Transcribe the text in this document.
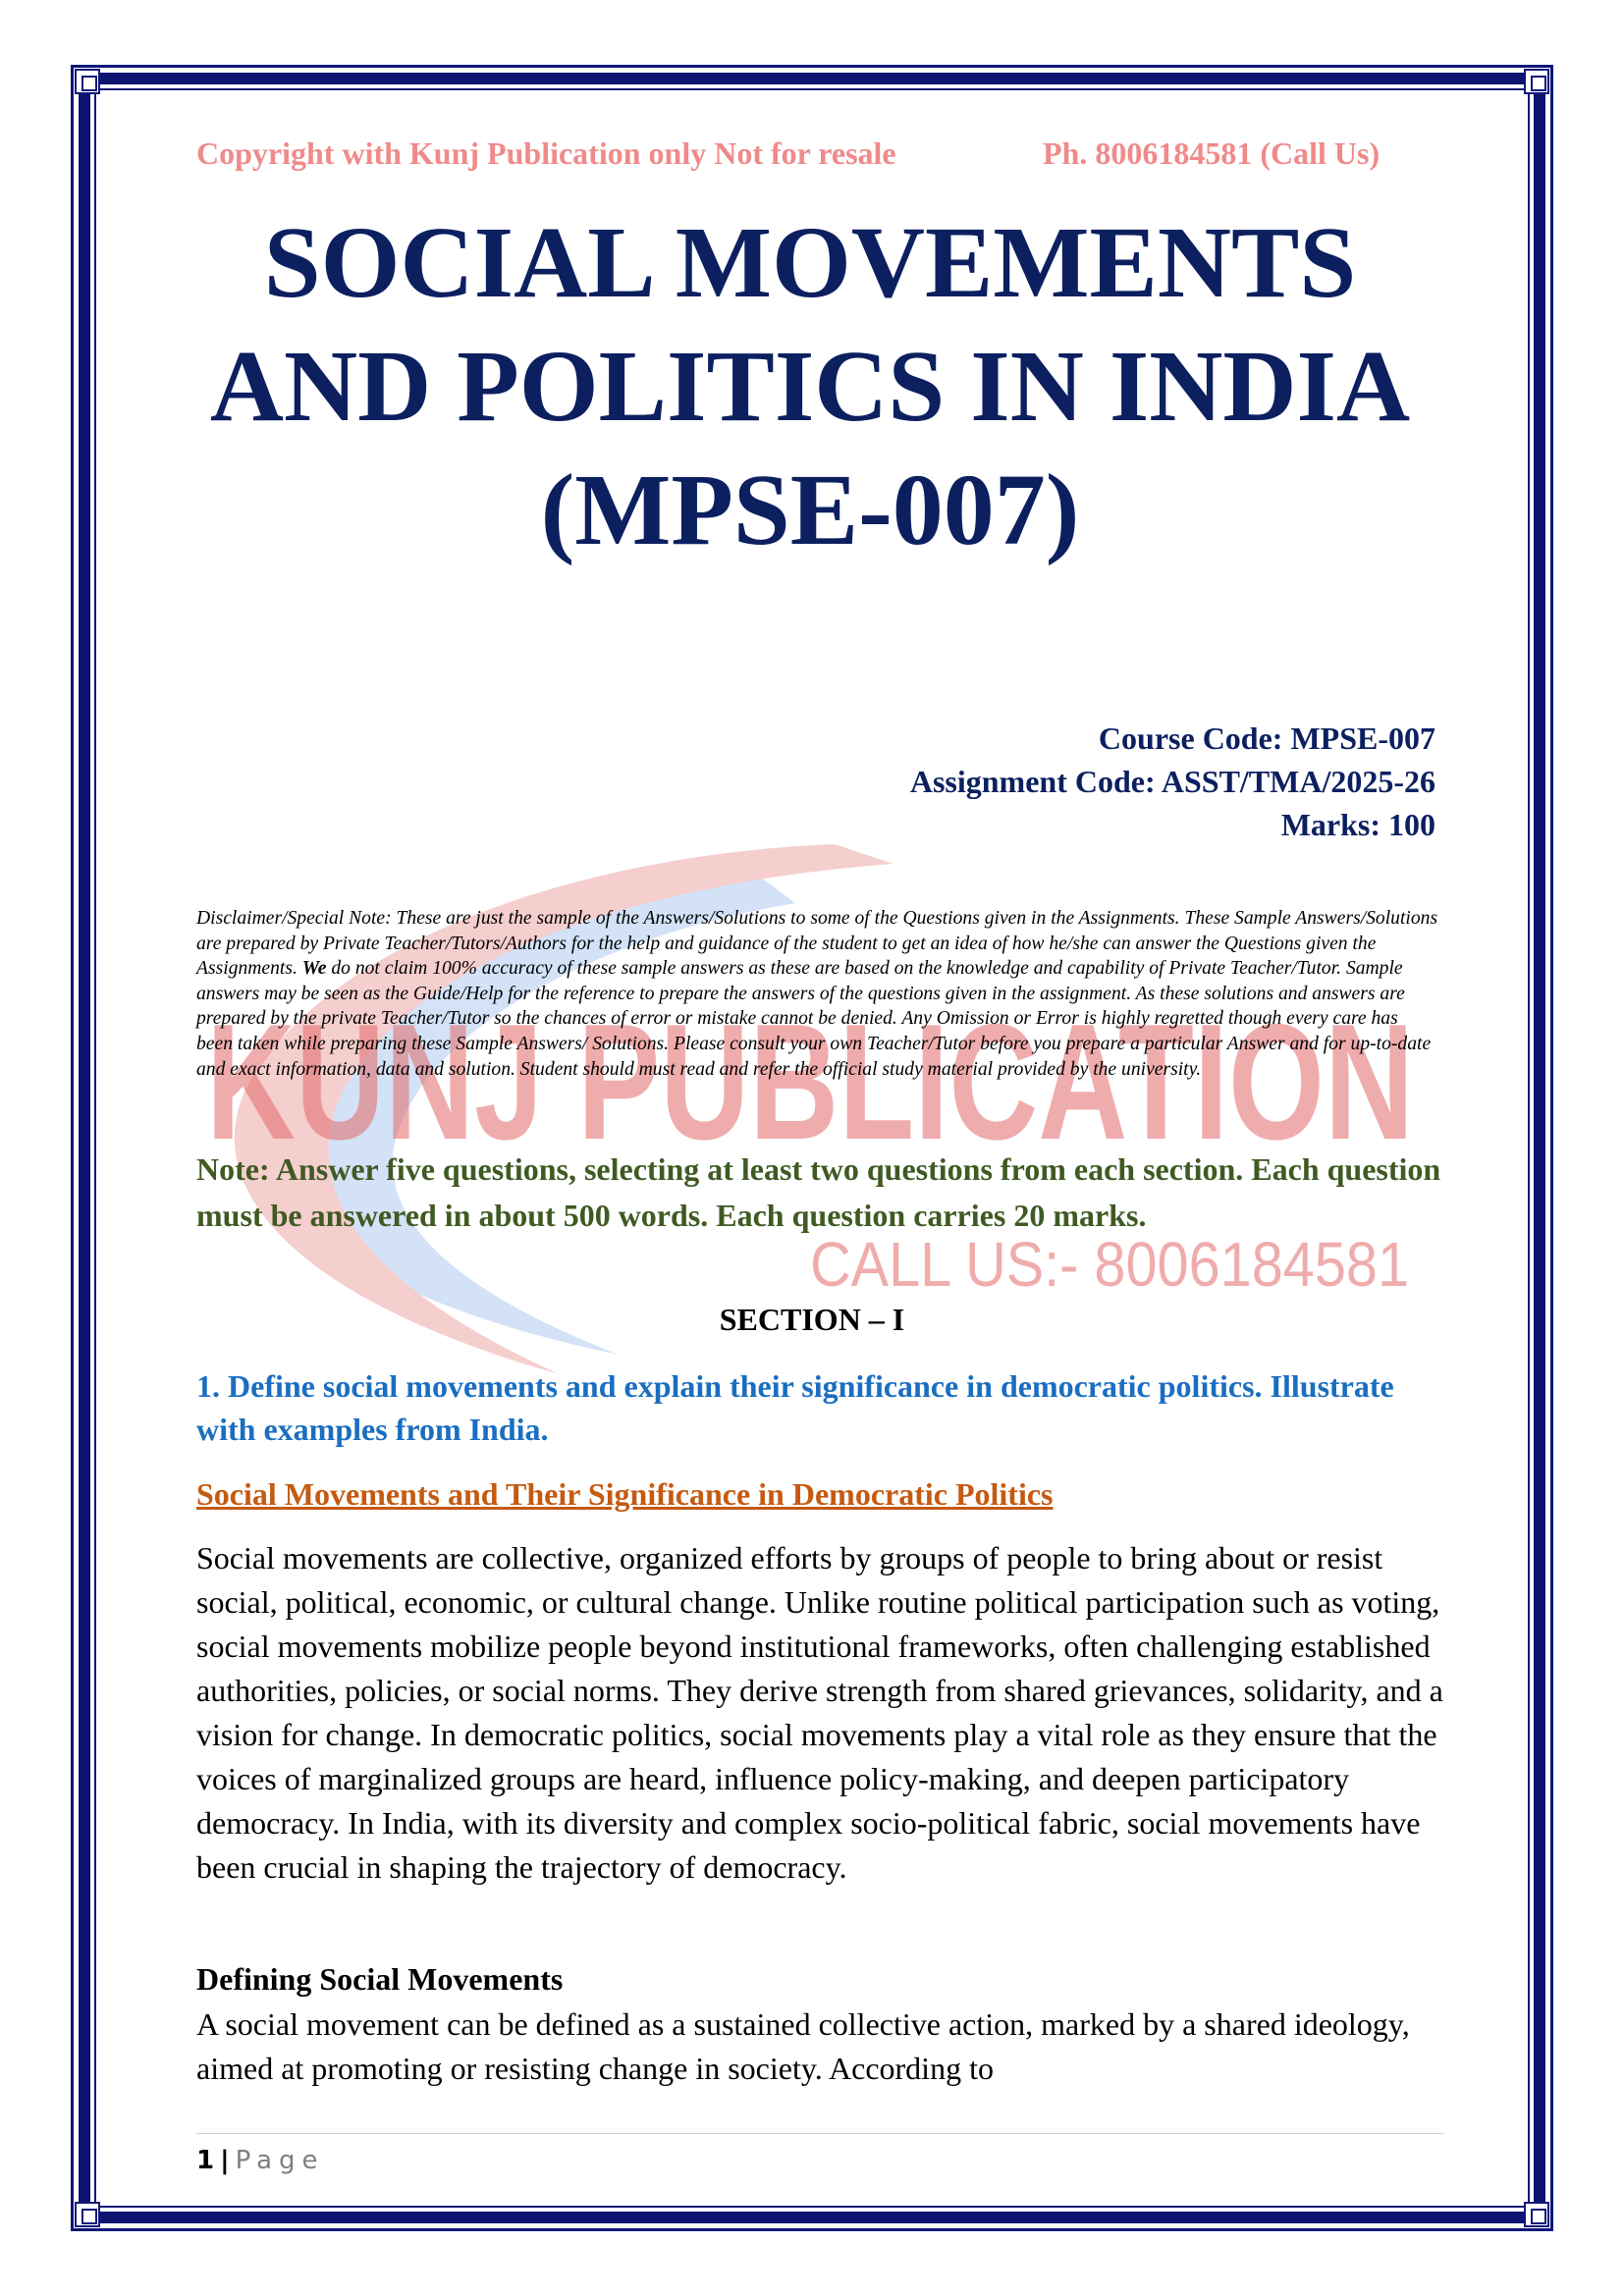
KUNJ PUBLICATION
CALL US:- 8006184581
Copyright with Kunj Publication only Not for resale	Ph. 8006184581 (Call Us)
SOCIAL MOVEMENTS
AND POLITICS IN INDIA
(MPSE-007)
Course Code: MPSE-007
Assignment Code: ASST/TMA/2025-26
Marks: 100

Disclaimer/Special Note: These are just the sample of the Answers/Solutions to some of the Questions given in the Assignments. These Sample Answers/Solutions are prepared by Private Teacher/Tutors/Authors for the help and guidance of the student to get an idea of how he/she can answer the Questions given the Assignments. We do not claim 100% accuracy of these sample answers as these are based on the knowledge and capability of Private Teacher/Tutor. Sample answers may be seen as the Guide/Help for the reference to prepare the answers of the questions given in the assignment. As these solutions and answers are prepared by the private Teacher/Tutor so the chances of error or mistake cannot be denied. Any Omission or Error is highly regretted though every care has been taken while preparing these Sample Answers/ Solutions. Please consult your own Teacher/Tutor before you prepare a particular Answer and for up-to-date and exact information, data and solution. Student should must read and refer the official study material provided by the university.

Note: Answer five questions, selecting at least two questions from each section. Each question must be answered in about 500 words. Each question carries 20 marks.

SECTION – I

1. Define social movements and explain their significance in democratic politics. Illustrate with examples from India.

Social Movements and Their Significance in Democratic Politics

Social movements are collective, organized efforts by groups of people to bring about or resist social, political, economic, or cultural change. Unlike routine political participation such as voting, social movements mobilize people beyond institutional frameworks, often challenging established authorities, policies, or social norms. They derive strength from shared grievances, solidarity, and a vision for change. In democratic politics, social movements play a vital role as they ensure that the voices of marginalized groups are heard, influence policy-making, and deepen participatory democracy. In India, with its diversity and complex socio-political fabric, social movements have been crucial in shaping the trajectory of democracy.

Defining Social Movements

A social movement can be defined as a sustained collective action, marked by a shared ideology, aimed at promoting or resisting change in society. According to

1 | Page
